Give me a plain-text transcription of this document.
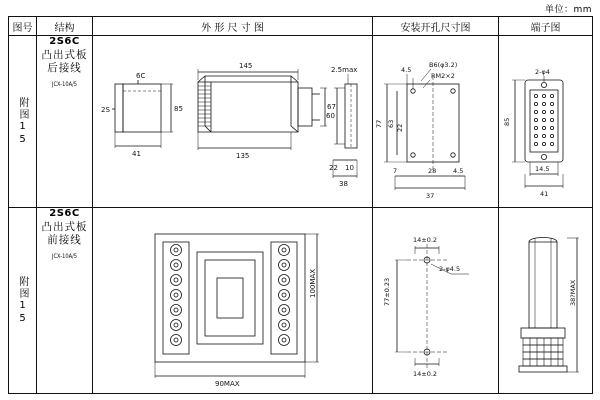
单位：mm
图号	结构	外 形 尺 寸 图	安装开孔尺寸图	端子图

附图15

2S6C
凸出式板后接线
JCX-10A/5

6C
2S	85
41
145
67
135
2.5max
60
22 10
38

4.5
B6(φ3.2)
RM2×2
77 63 22
7	28	4.5
37

2-φ4
85
14.5
41

附图15

2S6C
凸出式板前接线
JCX-10A/5

100MAX
90MAX

14±0.2
2-φ4.5
77±0.23
14±0.2

38?MAX
